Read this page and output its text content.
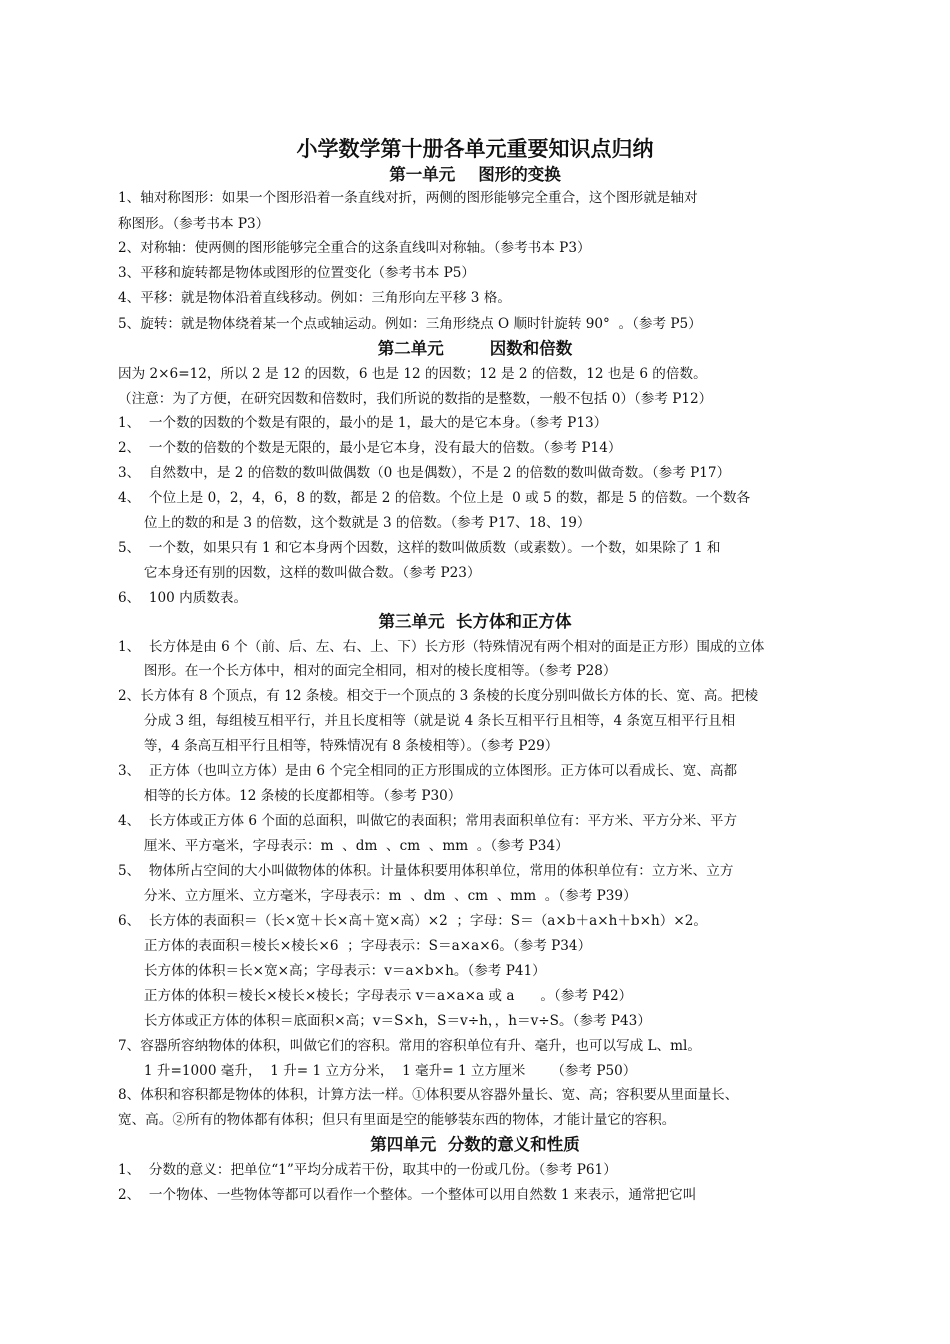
小学数学第十册各单元重要知识点归纳
第一单元    图形的变换
1、轴对称图形：如果一个图形沿着一条直线对折，两侧的图形能够完全重合，这个图形就是轴对
称图形。（参考书本 P3）
2、对称轴：使两侧的图形能够完全重合的这条直线叫对称轴。（参考书本 P3）
3、平移和旋转都是物体或图形的位置变化（参考书本 P5）
4、平移：就是物体沿着直线移动。例如：三角形向左平移 3 格。
5、旋转：就是物体绕着某一个点或轴运动。例如：三角形绕点 O 顺时针旋转 90°  。（参考 P5）
第二单元        因数和倍数
因为 2×6=12，所以 2 是 12 的因数，6 也是 12 的因数；12 是 2 的倍数，12 也是 6 的倍数。
（注意：为了方便，在研究因数和倍数时，我们所说的数指的是整数，一般不包括 0）（参考 P12）
1、  一个数的因数的个数是有限的，最小的是 1，最大的是它本身。（参考 P13）
2、  一个数的倍数的个数是无限的，最小是它本身，没有最大的倍数。（参考 P14）
3、  自然数中，是 2 的倍数的数叫做偶数（0 也是偶数），不是 2 的倍数的数叫做奇数。（参考 P17）
4、  个位上是 0，2，4，6，8 的数，都是 2 的倍数。个位上是  0 或 5 的数，都是 5 的倍数。一个数各
位上的数的和是 3 的倍数，这个数就是 3 的倍数。（参考 P17、18、19）
5、  一个数，如果只有 1 和它本身两个因数，这样的数叫做质数（或素数）。一个数，如果除了 1 和
它本身还有别的因数，这样的数叫做合数。（参考 P23）
6、  100 内质数表。
第三单元  长方体和正方体
1、  长方体是由 6 个（前、后、左、右、上、下）长方形（特殊情况有两个相对的面是正方形）围成的立体
图形。在一个长方体中，相对的面完全相同，相对的棱长度相等。（参考 P28）
2、长方体有 8 个顶点，有 12 条棱。相交于一个顶点的 3 条棱的长度分别叫做长方体的长、宽、高。把棱
分成 3 组，每组棱互相平行，并且长度相等（就是说 4 条长互相平行且相等，4 条宽互相平行且相
等，4 条高互相平行且相等，特殊情况有 8 条棱相等）。（参考 P29）
3、  正方体（也叫立方体）是由 6 个完全相同的正方形围成的立体图形。正方体可以看成长、宽、高都
相等的长方体。12 条棱的长度都相等。（参考 P30）
4、  长方体或正方体 6 个面的总面积，叫做它的表面积；常用表面积单位有：平方米、平方分米、平方
厘米、平方毫米，字母表示：m  、dm  、cm  、mm  。（参考 P34）
5、  物体所占空间的大小叫做物体的体积。计量体积要用体积单位，常用的体积单位有：立方米、立方
分米、立方厘米、立方毫米，字母表示：m  、dm  、cm  、mm  。（参考 P39）
6、  长方体的表面积＝（长×宽＋长×高＋宽×高）×2  ；字母：S＝（a×b＋a×h＋b×h）×2。
正方体的表面积＝棱长×棱长×6  ；字母表示：S＝a×a×6。（参考 P34）
长方体的体积＝长×宽×高；字母表示：v＝a×b×h。（参考 P41）
正方体的体积＝棱长×棱长×棱长；字母表示 v＝a×a×a 或 a      。（参考 P42）
长方体或正方体的体积＝底面积×高；v＝S×h，S＝v÷h，，h＝v÷S。（参考 P43）
7、容器所容纳物体的体积，叫做它们的容积。常用的容积单位有升、毫升，也可以写成 L、ml。
1 升=1000 毫升，  1 升= 1 立方分米，  1 毫升= 1 立方厘米      （参考 P50）
8、体积和容积都是物体的体积，计算方法一样。①体积要从容器外量长、宽、高；容积要从里面量长、
宽、高。②所有的物体都有体积；但只有里面是空的能够装东西的物体，才能计量它的容积。
第四单元  分数的意义和性质
1、  分数的意义：把单位“1”平均分成若干份，取其中的一份或几份。（参考 P61）
2、  一个物体、一些物体等都可以看作一个整体。一个整体可以用自然数 1 来表示，通常把它叫
